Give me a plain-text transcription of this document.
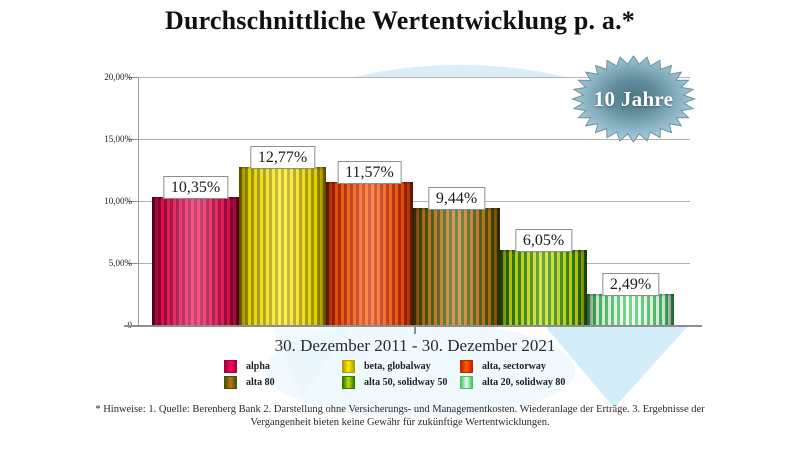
Durchschnittliche Wertentwicklung p. a.*
20,00%
15,00%
10,00%
5,00%
10,35%
12,77%
11,57%
9,44%
6,05%
2,49%
10 Jahre
30. Dezember 2011 - 30. Dezember 2021
alpha	beta, globalway	alta, sectorway
alta 80	alta 50, solidway 50	alta 20, solidway 80
* Hinweise: 1. Quelle: Berenberg Bank 2. Darstellung ohne Versicherungs- und Managementkosten. Wiederanlage der Erträge. 3. Ergebnisse der
Vergangenheit bieten keine Gewähr für zukünftige Wertentwicklungen.
